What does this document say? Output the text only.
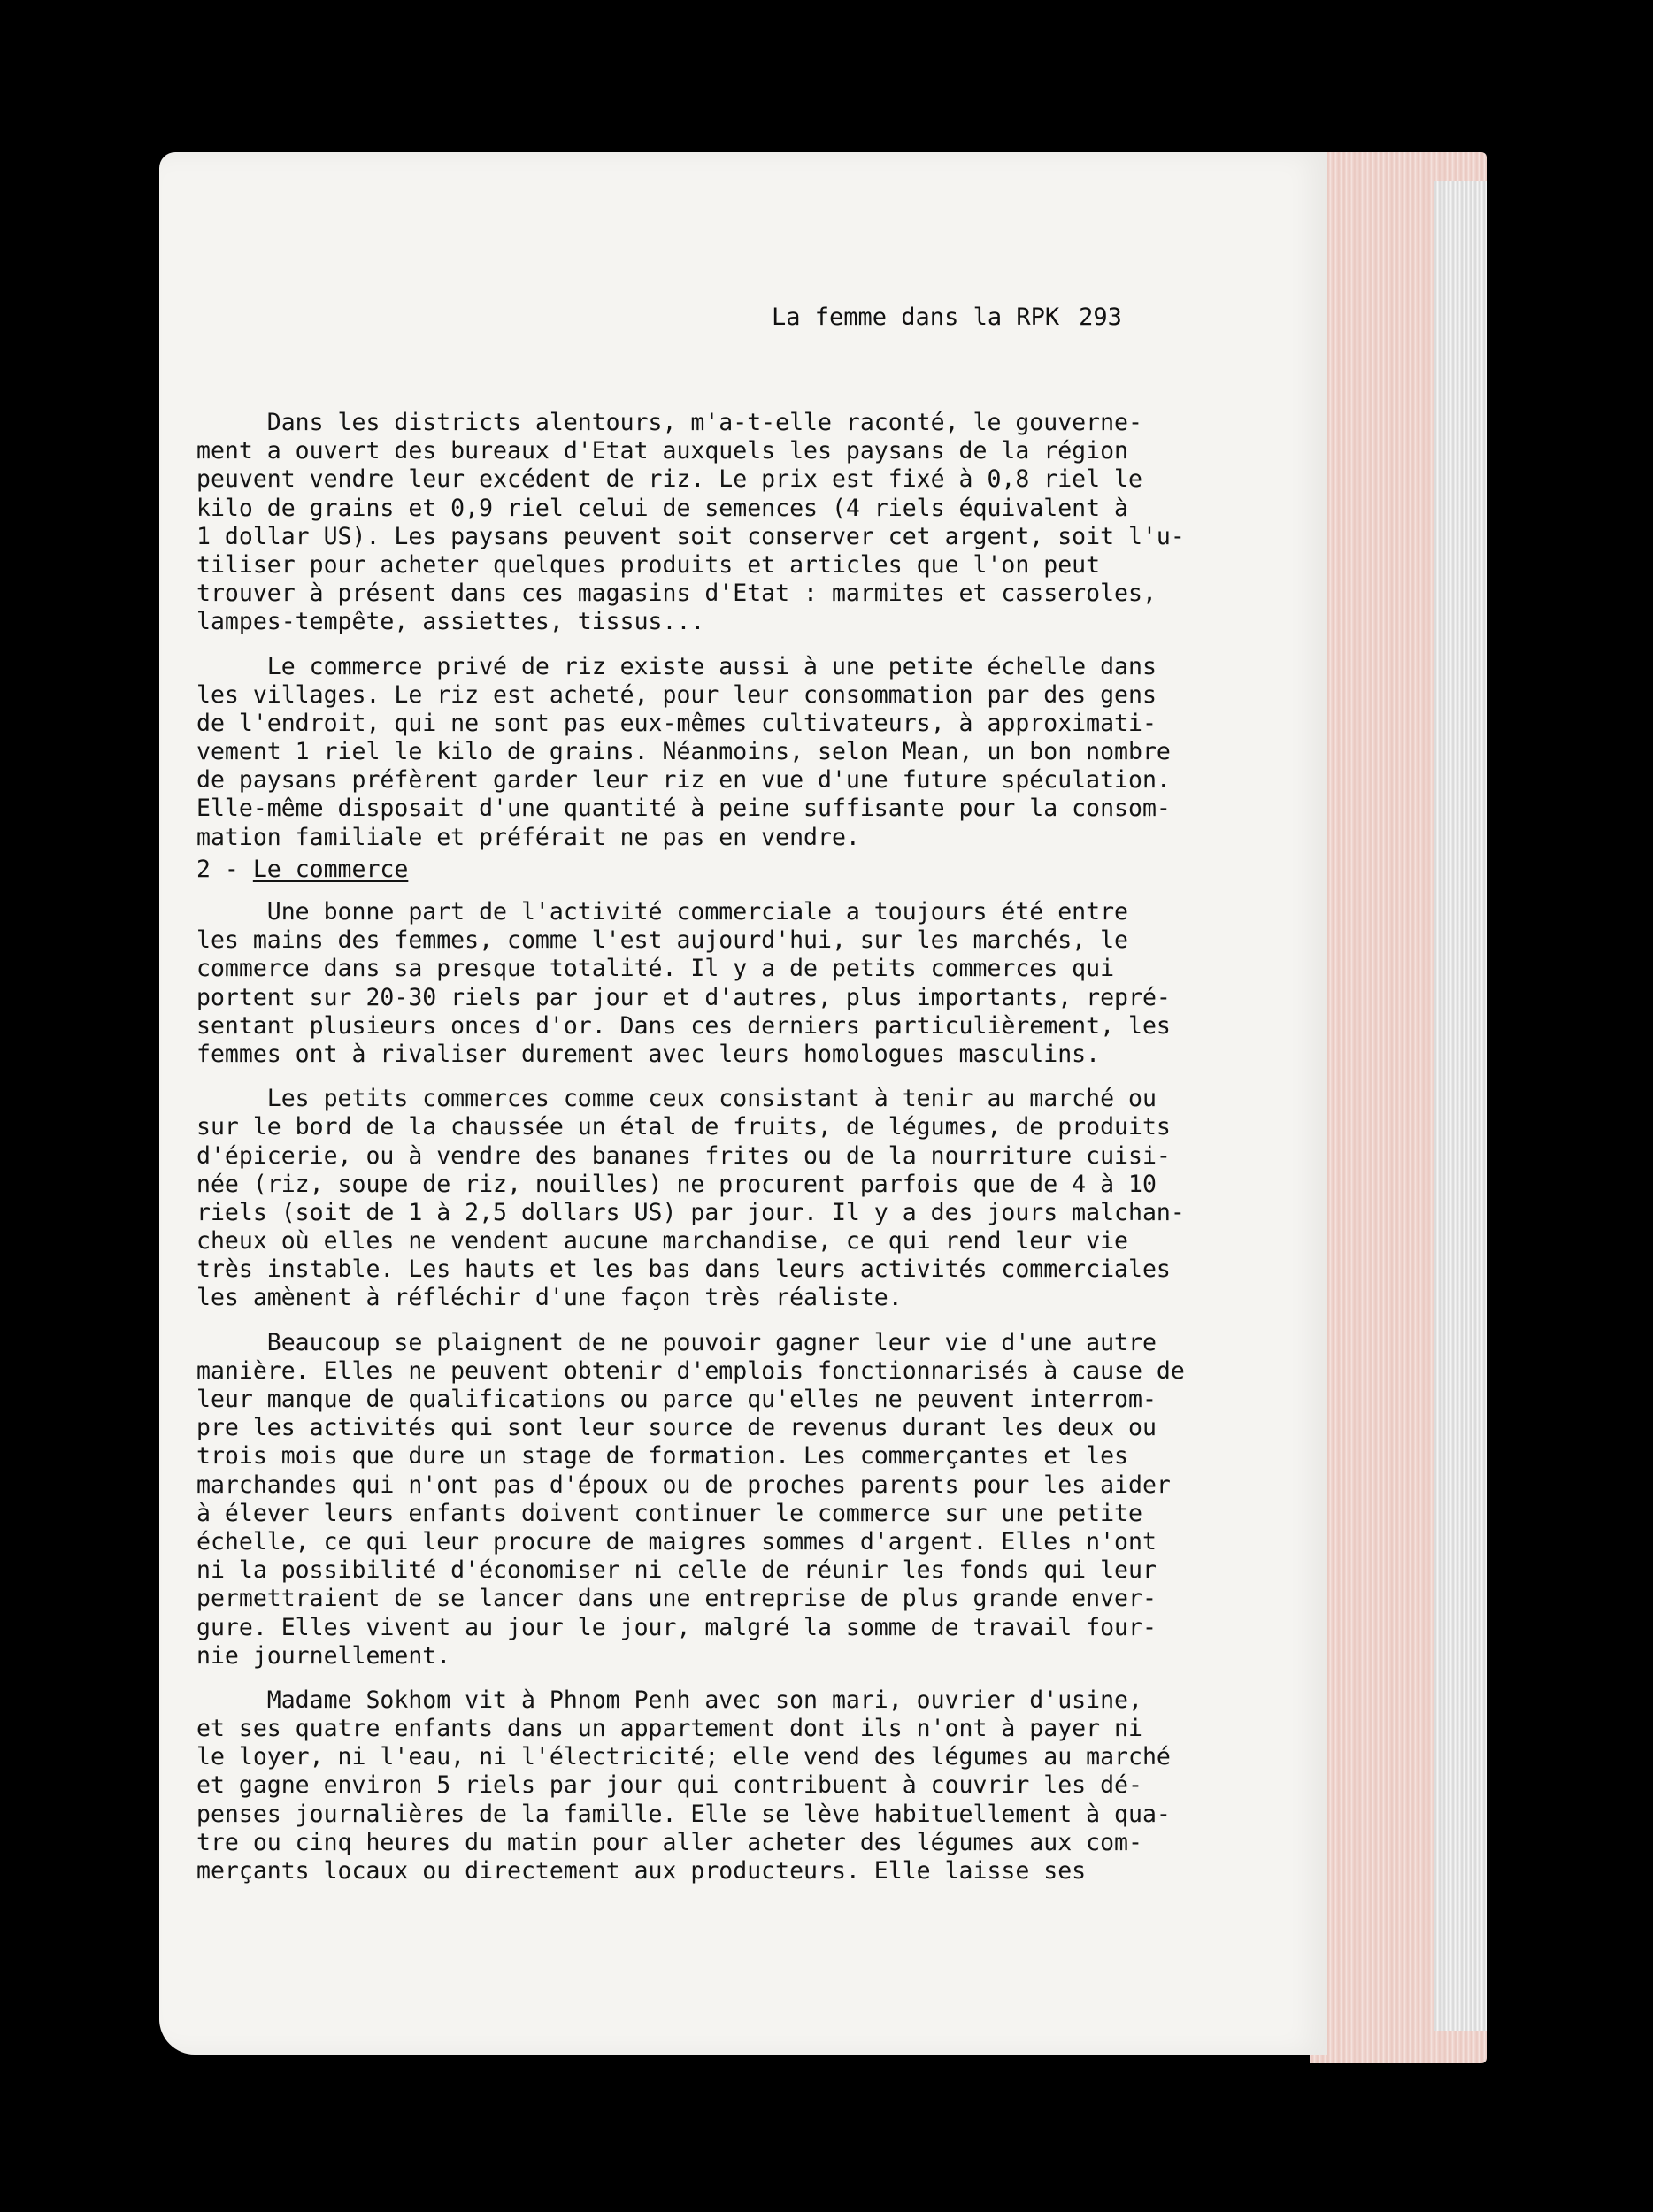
La femme dans la RPK 293
Dans les districts alentours, m'a-t-elle raconté, le gouverne-
ment a ouvert des bureaux d'Etat auxquels les paysans de la région
peuvent vendre leur excédent de riz. Le prix est fixé à 0,8 riel le
kilo de grains et 0,9 riel celui de semences (4 riels équivalent à
1 dollar US). Les paysans peuvent soit conserver cet argent, soit l'u-
tiliser pour acheter quelques produits et articles que l'on peut
trouver à présent dans ces magasins d'Etat : marmites et casseroles,
lampes-tempête, assiettes, tissus...
Le commerce privé de riz existe aussi à une petite échelle dans
les villages. Le riz est acheté, pour leur consommation par des gens
de l'endroit, qui ne sont pas eux-mêmes cultivateurs, à approximati-
vement 1 riel le kilo de grains. Néanmoins, selon Mean, un bon nombre
de paysans préfèrent garder leur riz en vue d'une future spéculation.
Elle-même disposait d'une quantité à peine suffisante pour la consom-
mation familiale et préférait ne pas en vendre.
2 - Le commerce
Une bonne part de l'activité commerciale a toujours été entre
les mains des femmes, comme l'est aujourd'hui, sur les marchés, le
commerce dans sa presque totalité. Il y a de petits commerces qui
portent sur 20-30 riels par jour et d'autres, plus importants, repré-
sentant plusieurs onces d'or. Dans ces derniers particulièrement, les
femmes ont à rivaliser durement avec leurs homologues masculins.
Les petits commerces comme ceux consistant à tenir au marché ou
sur le bord de la chaussée un étal de fruits, de légumes, de produits
d'épicerie, ou à vendre des bananes frites ou de la nourriture cuisi-
née (riz, soupe de riz, nouilles) ne procurent parfois que de 4 à 10
riels (soit de 1 à 2,5 dollars US) par jour. Il y a des jours malchan-
cheux où elles ne vendent aucune marchandise, ce qui rend leur vie
très instable. Les hauts et les bas dans leurs activités commerciales
les amènent à réfléchir d'une façon très réaliste.
Beaucoup se plaignent de ne pouvoir gagner leur vie d'une autre
manière. Elles ne peuvent obtenir d'emplois fonctionnarisés à cause de
leur manque de qualifications ou parce qu'elles ne peuvent interrom-
pre les activités qui sont leur source de revenus durant les deux ou
trois mois que dure un stage de formation. Les commerçantes et les
marchandes qui n'ont pas d'époux ou de proches parents pour les aider
à élever leurs enfants doivent continuer le commerce sur une petite
échelle, ce qui leur procure de maigres sommes d'argent. Elles n'ont
ni la possibilité d'économiser ni celle de réunir les fonds qui leur
permettraient de se lancer dans une entreprise de plus grande enver-
gure. Elles vivent au jour le jour, malgré la somme de travail four-
nie journellement.
Madame Sokhom vit à Phnom Penh avec son mari, ouvrier d'usine,
et ses quatre enfants dans un appartement dont ils n'ont à payer ni
le loyer, ni l'eau, ni l'électricité; elle vend des légumes au marché
et gagne environ 5 riels par jour qui contribuent à couvrir les dé-
penses journalières de la famille. Elle se lève habituellement à qua-
tre ou cinq heures du matin pour aller acheter des légumes aux com-
merçants locaux ou directement aux producteurs. Elle laisse ses
